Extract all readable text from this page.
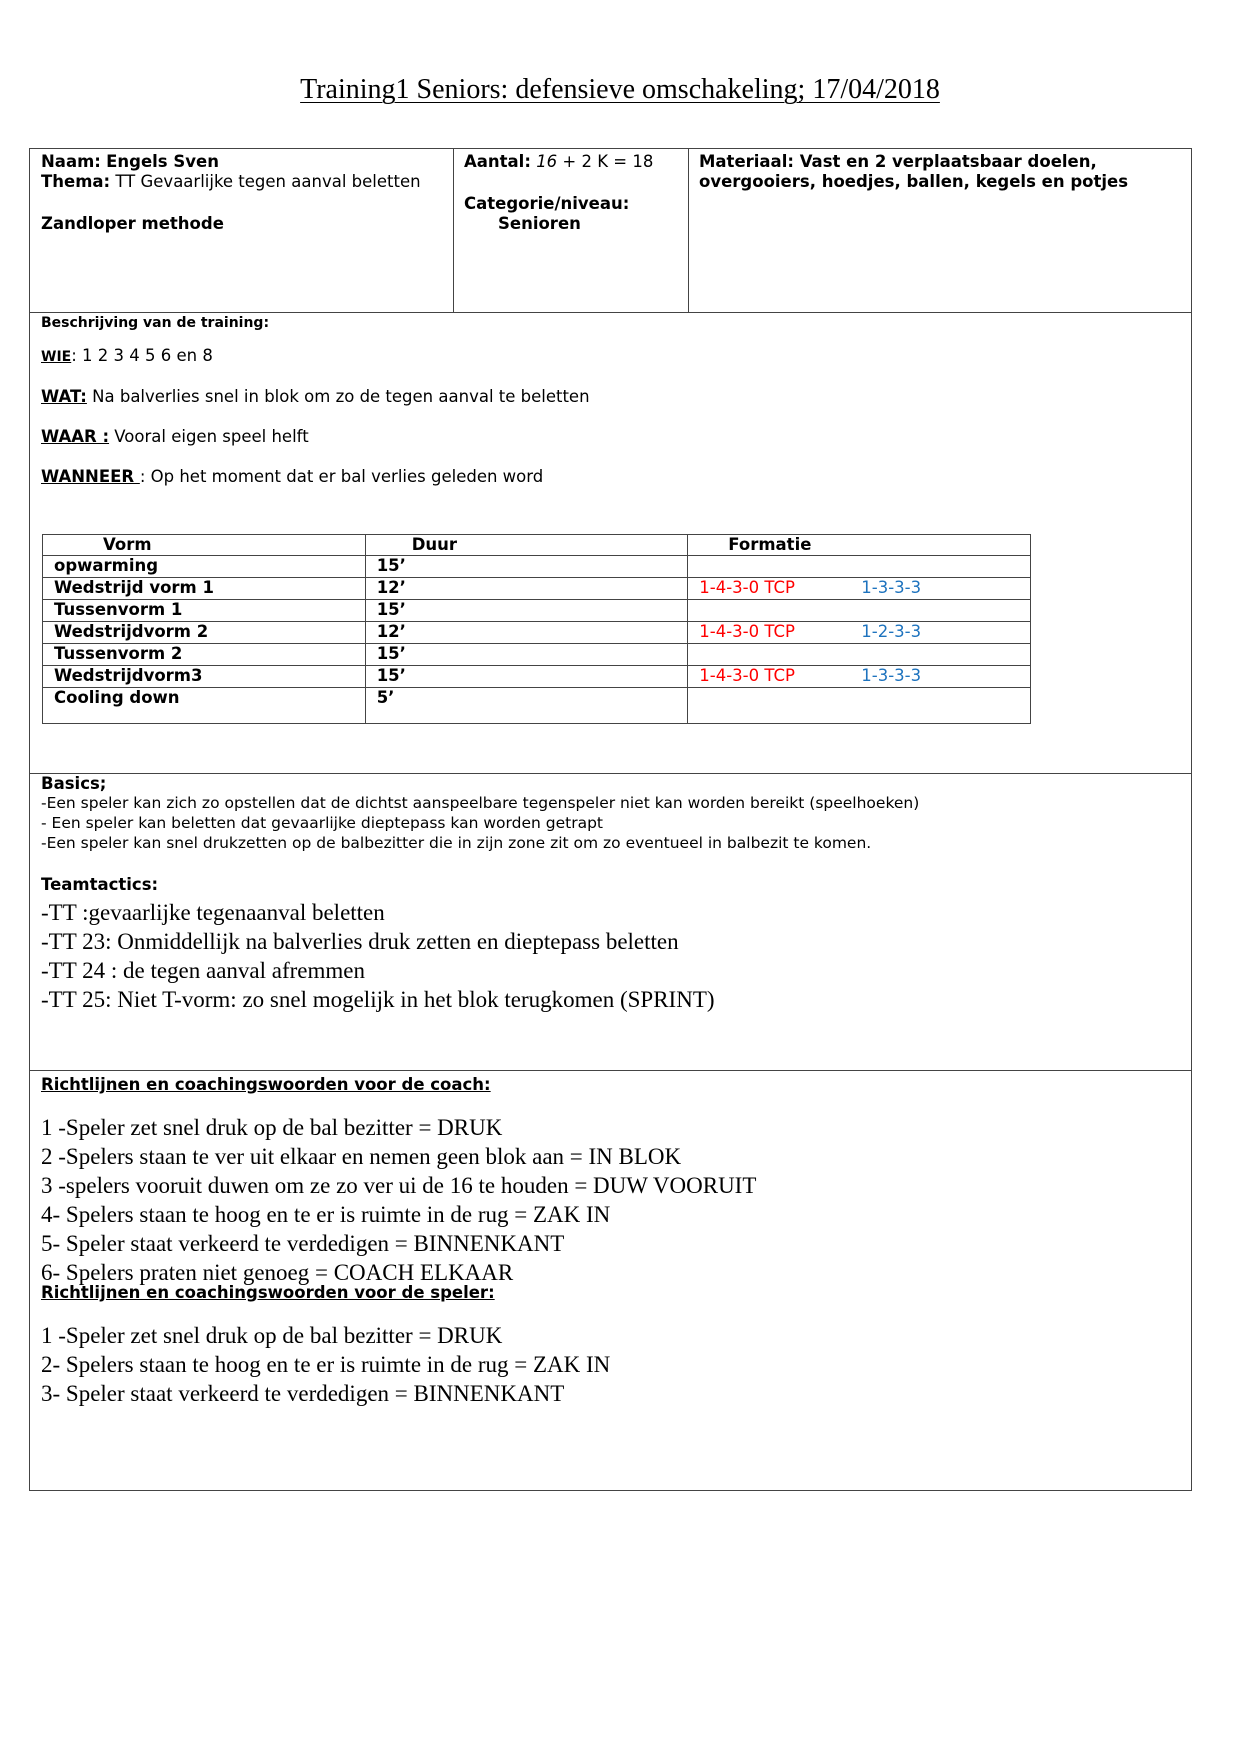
Training1 Seniors: defensieve omschakeling; 17/04/2018
Naam: Engels Sven
Thema: TT Gevaarlijke tegen aanval beletten
Zandloper methode
Aantal: 16 + 2 K = 18
Categorie/niveau:
Senioren
Materiaal: Vast en 2 verplaatsbaar doelen, overgooiers, hoedjes, ballen, kegels en potjes
Beschrijving van de training:
WIE: 1 2 3 4 5 6 en 8
WAT: Na balverlies snel in blok om zo de tegen aanval te beletten
WAAR : Vooral eigen speel helft
WANNEER : Op het moment dat er bal verlies geleden word
Vorm	Duur	Formatie
opwarming	15’	
Wedstrijd vorm 1	12’	1-4-3-0 TCP 1-3-3-3
Tussenvorm 1	15’	
Wedstrijdvorm 2	12’	1-4-3-0 TCP 1-2-3-3
Tussenvorm 2	15’	
Wedstrijdvorm3	15’	1-4-3-0 TCP 1-3-3-3
Cooling down	5’	
Basics;
-Een speler kan zich zo opstellen dat de dichtst aanspeelbare tegenspeler niet kan worden bereikt (speelhoeken)
- Een speler kan beletten dat gevaarlijke dieptepass kan worden getrapt
-Een speler kan snel drukzetten op de balbezitter die in zijn zone zit om zo eventueel in balbezit te komen.
Teamtactics:
-TT :gevaarlijke tegenaanval beletten
-TT 23: Onmiddellijk na balverlies druk zetten en dieptepass beletten
-TT 24 : de tegen aanval afremmen
-TT 25: Niet T-vorm: zo snel mogelijk in het blok terugkomen (SPRINT)
Richtlijnen en coachingswoorden voor de coach:
1 -Speler zet snel druk op de bal bezitter = DRUK
2 -Spelers staan te ver uit elkaar en nemen geen blok aan = IN BLOK
3 -spelers vooruit duwen om ze zo ver ui de 16 te houden = DUW VOORUIT
4- Spelers staan te hoog en te er is ruimte in de rug = ZAK IN
5- Speler staat verkeerd te verdedigen = BINNENKANT
6- Spelers praten niet genoeg = COACH ELKAAR
Richtlijnen en coachingswoorden voor de speler:
1 -Speler zet snel druk op de bal bezitter = DRUK
2- Spelers staan te hoog en te er is ruimte in de rug = ZAK IN
3- Speler staat verkeerd te verdedigen = BINNENKANT
